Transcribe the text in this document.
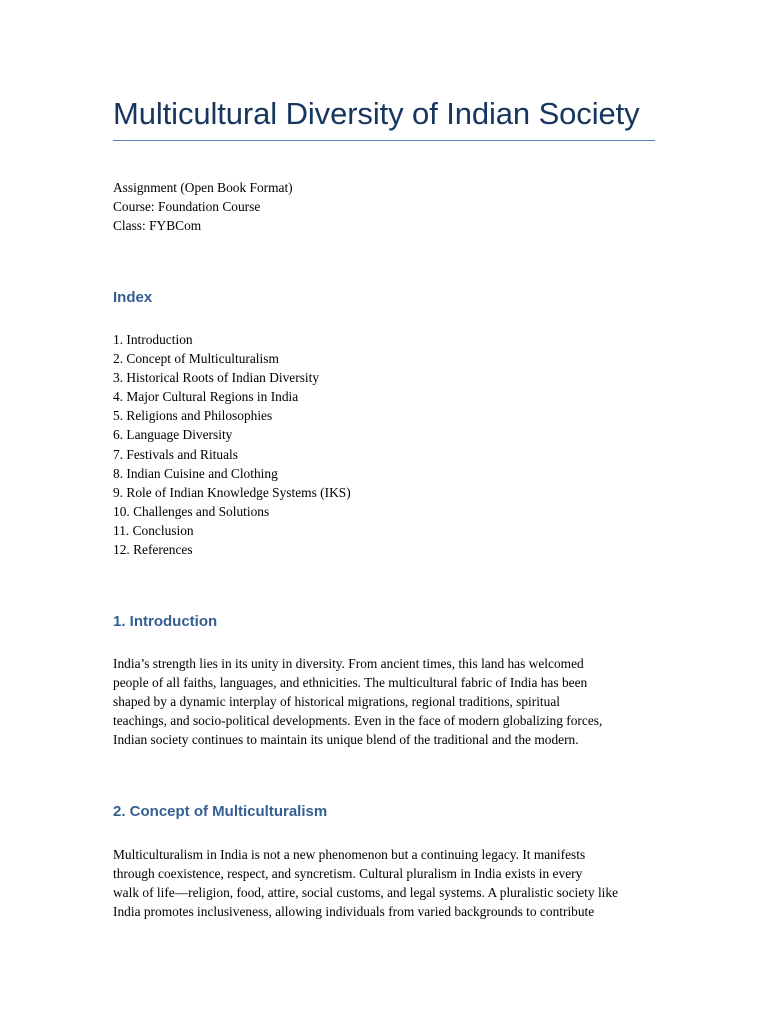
Multicultural Diversity of Indian Society
Assignment (Open Book Format)
Course: Foundation Course
Class: FYBCom
Index
1. Introduction
2. Concept of Multiculturalism
3. Historical Roots of Indian Diversity
4. Major Cultural Regions in India
5. Religions and Philosophies
6. Language Diversity
7. Festivals and Rituals
8. Indian Cuisine and Clothing
9. Role of Indian Knowledge Systems (IKS)
10. Challenges and Solutions
11. Conclusion
12. References
1. Introduction

India’s strength lies in its unity in diversity. From ancient times, this land has welcomed
people of all faiths, languages, and ethnicities. The multicultural fabric of India has been
shaped by a dynamic interplay of historical migrations, regional traditions, spiritual
teachings, and socio-political developments. Even in the face of modern globalizing forces,
Indian society continues to maintain its unique blend of the traditional and the modern.

2. Concept of Multiculturalism

Multiculturalism in India is not a new phenomenon but a continuing legacy. It manifests
through coexistence, respect, and syncretism. Cultural pluralism in India exists in every
walk of life—religion, food, attire, social customs, and legal systems. A pluralistic society like
India promotes inclusiveness, allowing individuals from varied backgrounds to contribute
